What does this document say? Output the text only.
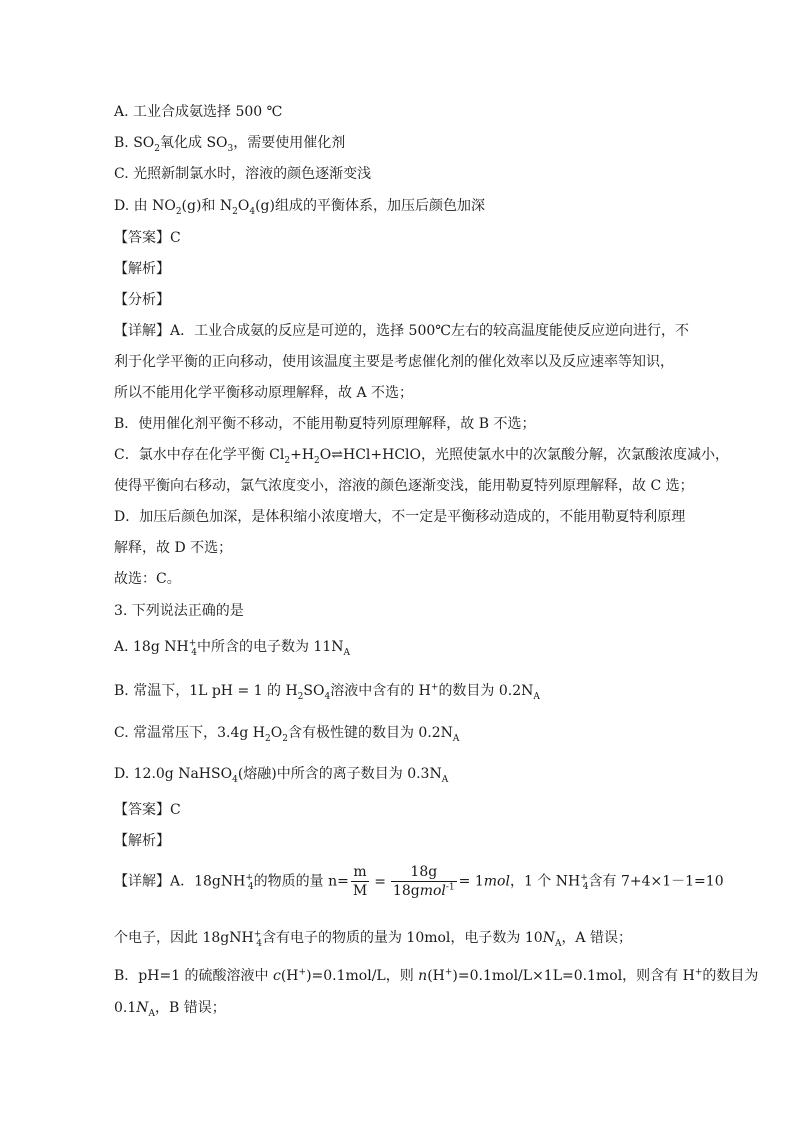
A. 工业合成氨选择 500 ℃
B. $SO_2$氧化成 $SO_3$，需要使用催化剂
C. 光照新制氯水时，溶液的颜色逐渐变浅
D. 由 $NO_2(g)$和 $N_2O_4(g)$组成的平衡体系，加压后颜色加深
【答案】C
【解析】
【分析】
【详解】A．工业合成氨的反应是可逆的，选择 500℃左右的较高温度能使反应逆向进行，不
利于化学平衡的正向移动，使用该温度主要是考虑催化剂的催化效率以及反应速率等知识，
所以不能用化学平衡移动原理解释，故 A 不选；
B．使用催化剂平衡不移动，不能用勒夏特列原理解释，故 B 不选；
C．氯水中存在化学平衡 $Cl_2+H_2O\rightleftharpoons HCl+HClO$，光照使氯水中的次氯酸分解，次氯酸浓度减小，
使得平衡向右移动，氯气浓度变小，溶液的颜色逐渐变浅，能用勒夏特列原理解释，故 C 选；
D．加压后颜色加深，是体积缩小浓度增大，不一定是平衡移动造成的，不能用勒夏特利原理
解释，故 D 不选；
故选：C。
3. 下列说法正确的是
A. 18g $NH^+_4$中所含的电子数为 $11N_A$
B. 常温下，1L pH = 1 的 $H_2SO_4$溶液中含有的 H+的数目为 $0.2N_A$
C. 常温常压下，3.4g $H_2O_2$含有极性键的数目为 $0.2N_A$
D. 12.0g NaHSO$_4$(熔融)中所含的离子数目为 $0.3N_A$
【答案】C
【解析】
【详解】A．18gNH+$_4$的物质的量 $n= \frac{m}{M} = \frac{18g}{18gmol^{-1}} = 1mol$，1 个 $NH^+_4$含有 7+4×1－1=10
个电子，因此 18gNH+$_4$含有电子的物质的量为 10mol，电子数为 $10N_A$，A 错误；
B．pH=1 的硫酸溶液中 c(H+)=0.1mol/L，则 n(H+)=0.1mol/L×1L=0.1mol，则含有 H+的数目为
$0.1N_A$，B 错误；
